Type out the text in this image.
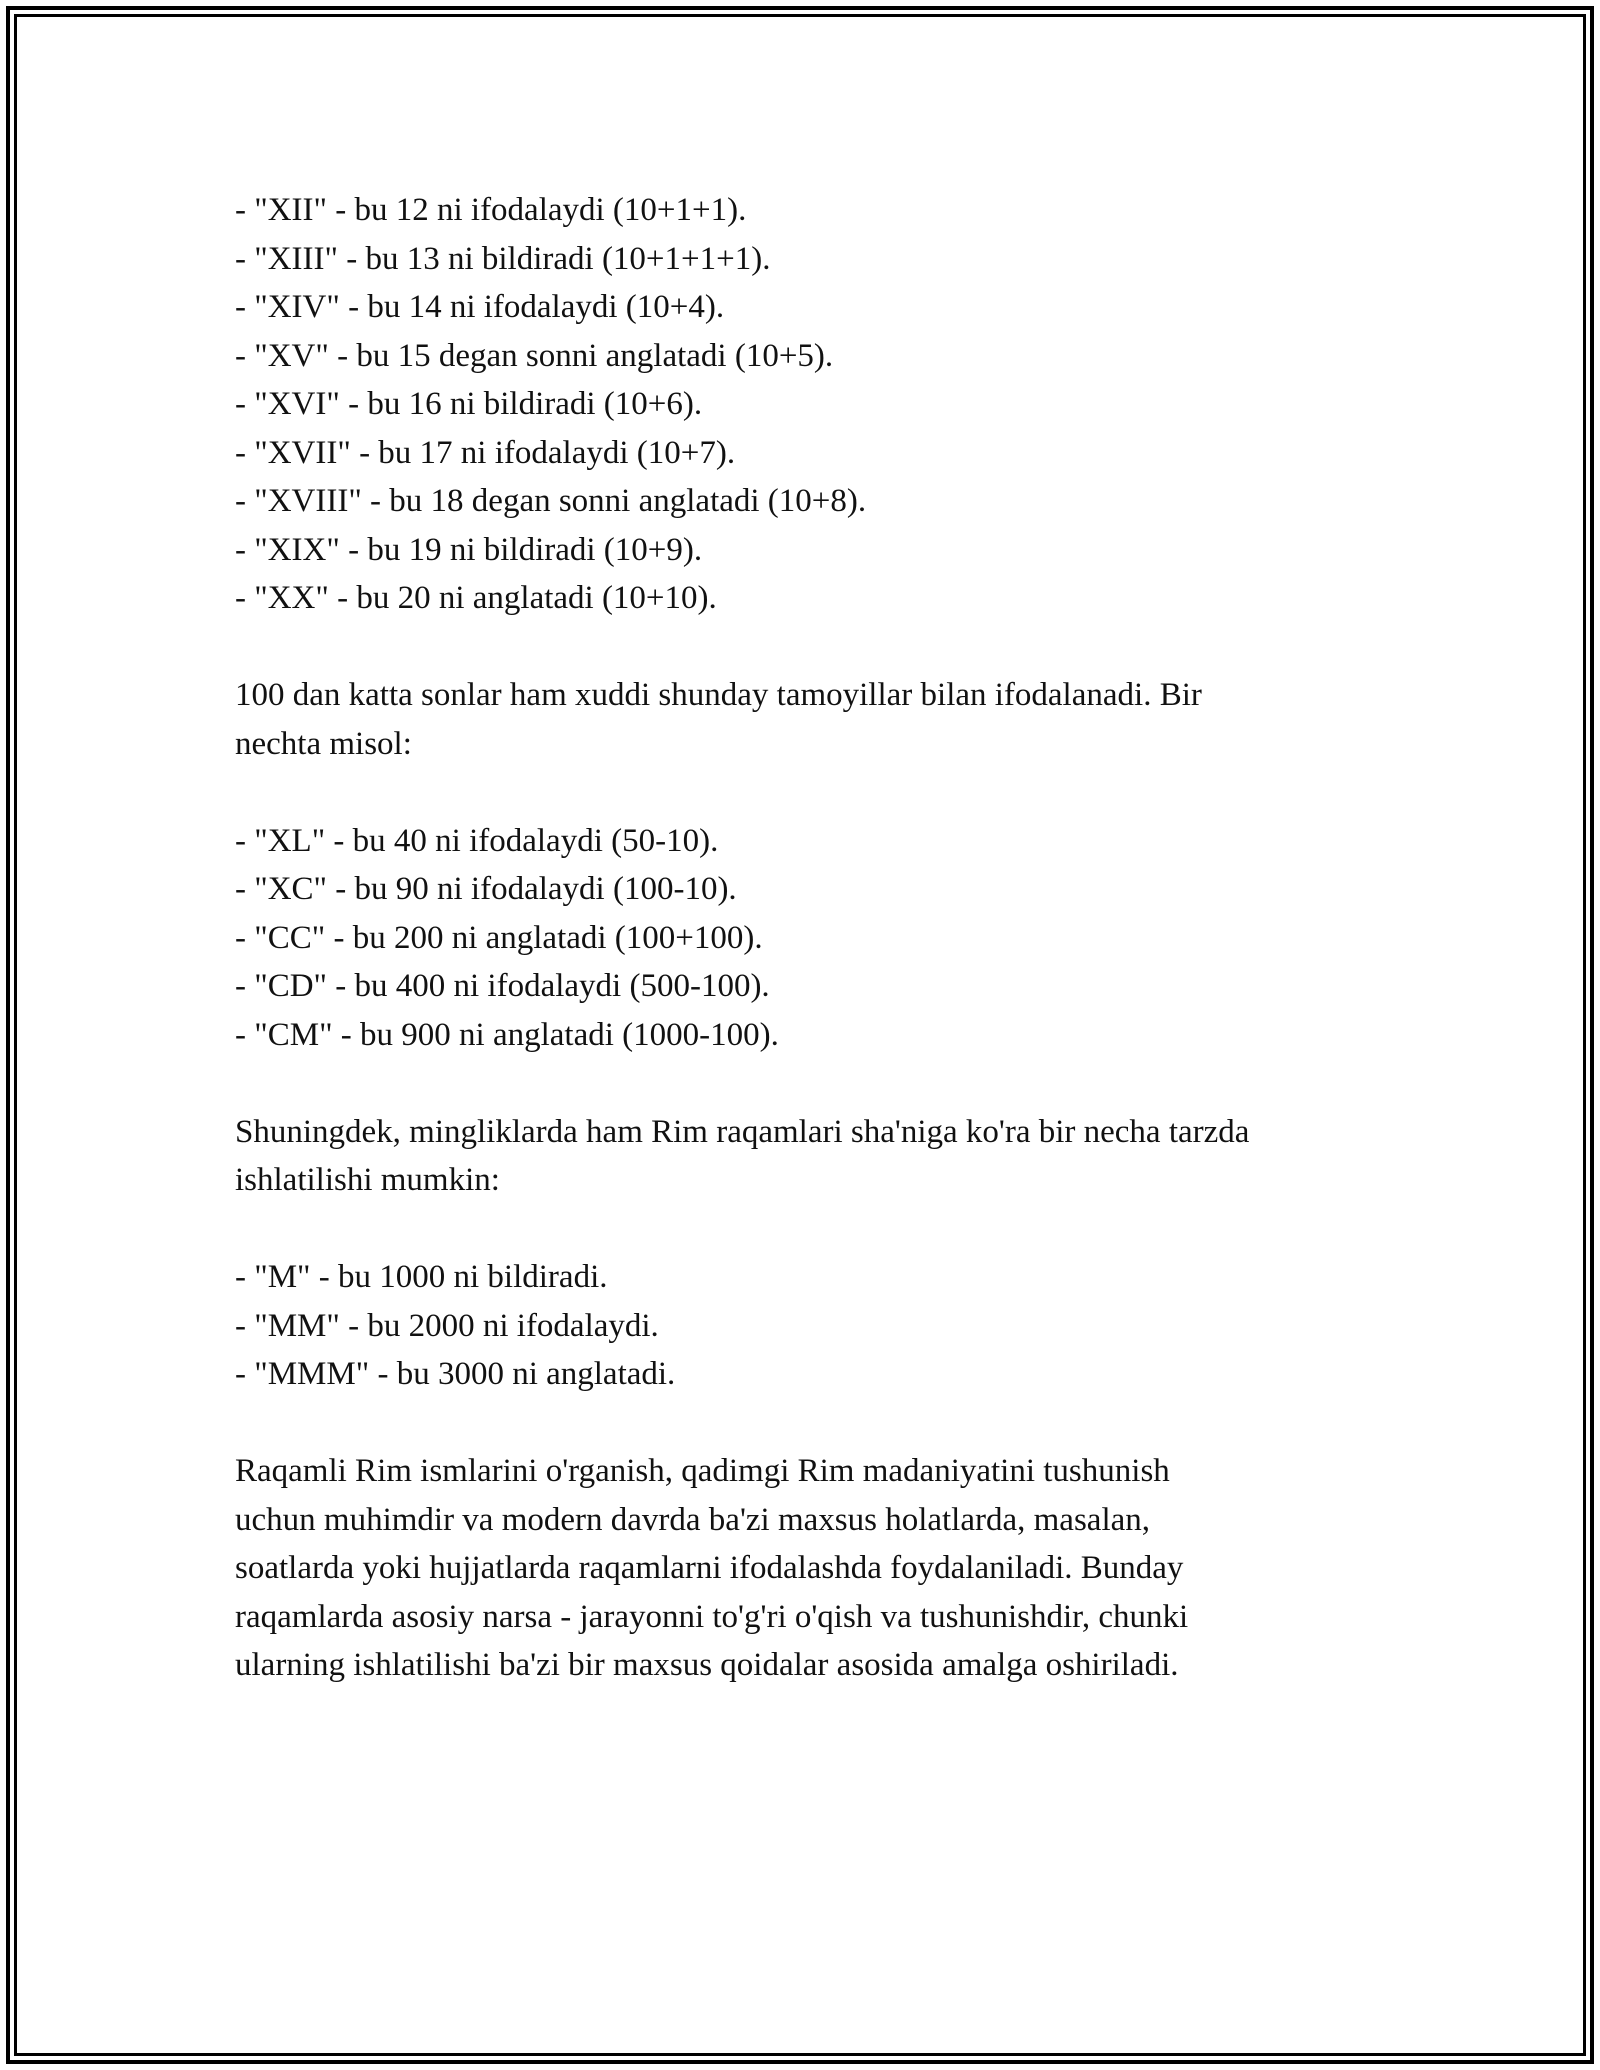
- "XII" - bu 12 ni ifodalaydi (10+1+1).
- "XIII" - bu 13 ni bildiradi (10+1+1+1).
- "XIV" - bu 14 ni ifodalaydi (10+4).
- "XV" - bu 15 degan sonni anglatadi (10+5).
- "XVI" - bu 16 ni bildiradi (10+6).
- "XVII" - bu 17 ni ifodalaydi (10+7).
- "XVIII" - bu 18 degan sonni anglatadi (10+8).
- "XIX" - bu 19 ni bildiradi (10+9).
- "XX" - bu 20 ni anglatadi (10+10).
100 dan katta sonlar ham xuddi shunday tamoyillar bilan ifodalanadi. Bir
nechta misol:
- "XL" - bu 40 ni ifodalaydi (50-10).
- "XC" - bu 90 ni ifodalaydi (100-10).
- "CC" - bu 200 ni anglatadi (100+100).
- "CD" - bu 400 ni ifodalaydi (500-100).
- "CM" - bu 900 ni anglatadi (1000-100).
Shuningdek, mingliklarda ham Rim raqamlari sha'niga ko'ra bir necha tarzda
ishlatilishi mumkin:
- "M" - bu 1000 ni bildiradi.
- "MM" - bu 2000 ni ifodalaydi.
- "MMM" - bu 3000 ni anglatadi.
Raqamli Rim ismlarini o'rganish, qadimgi Rim madaniyatini tushunish
uchun muhimdir va modern davrda ba'zi maxsus holatlarda, masalan,
soatlarda yoki hujjatlarda raqamlarni ifodalashda foydalaniladi. Bunday
raqamlarda asosiy narsa - jarayonni to'g'ri o'qish va tushunishdir, chunki
ularning ishlatilishi ba'zi bir maxsus qoidalar asosida amalga oshiriladi.
